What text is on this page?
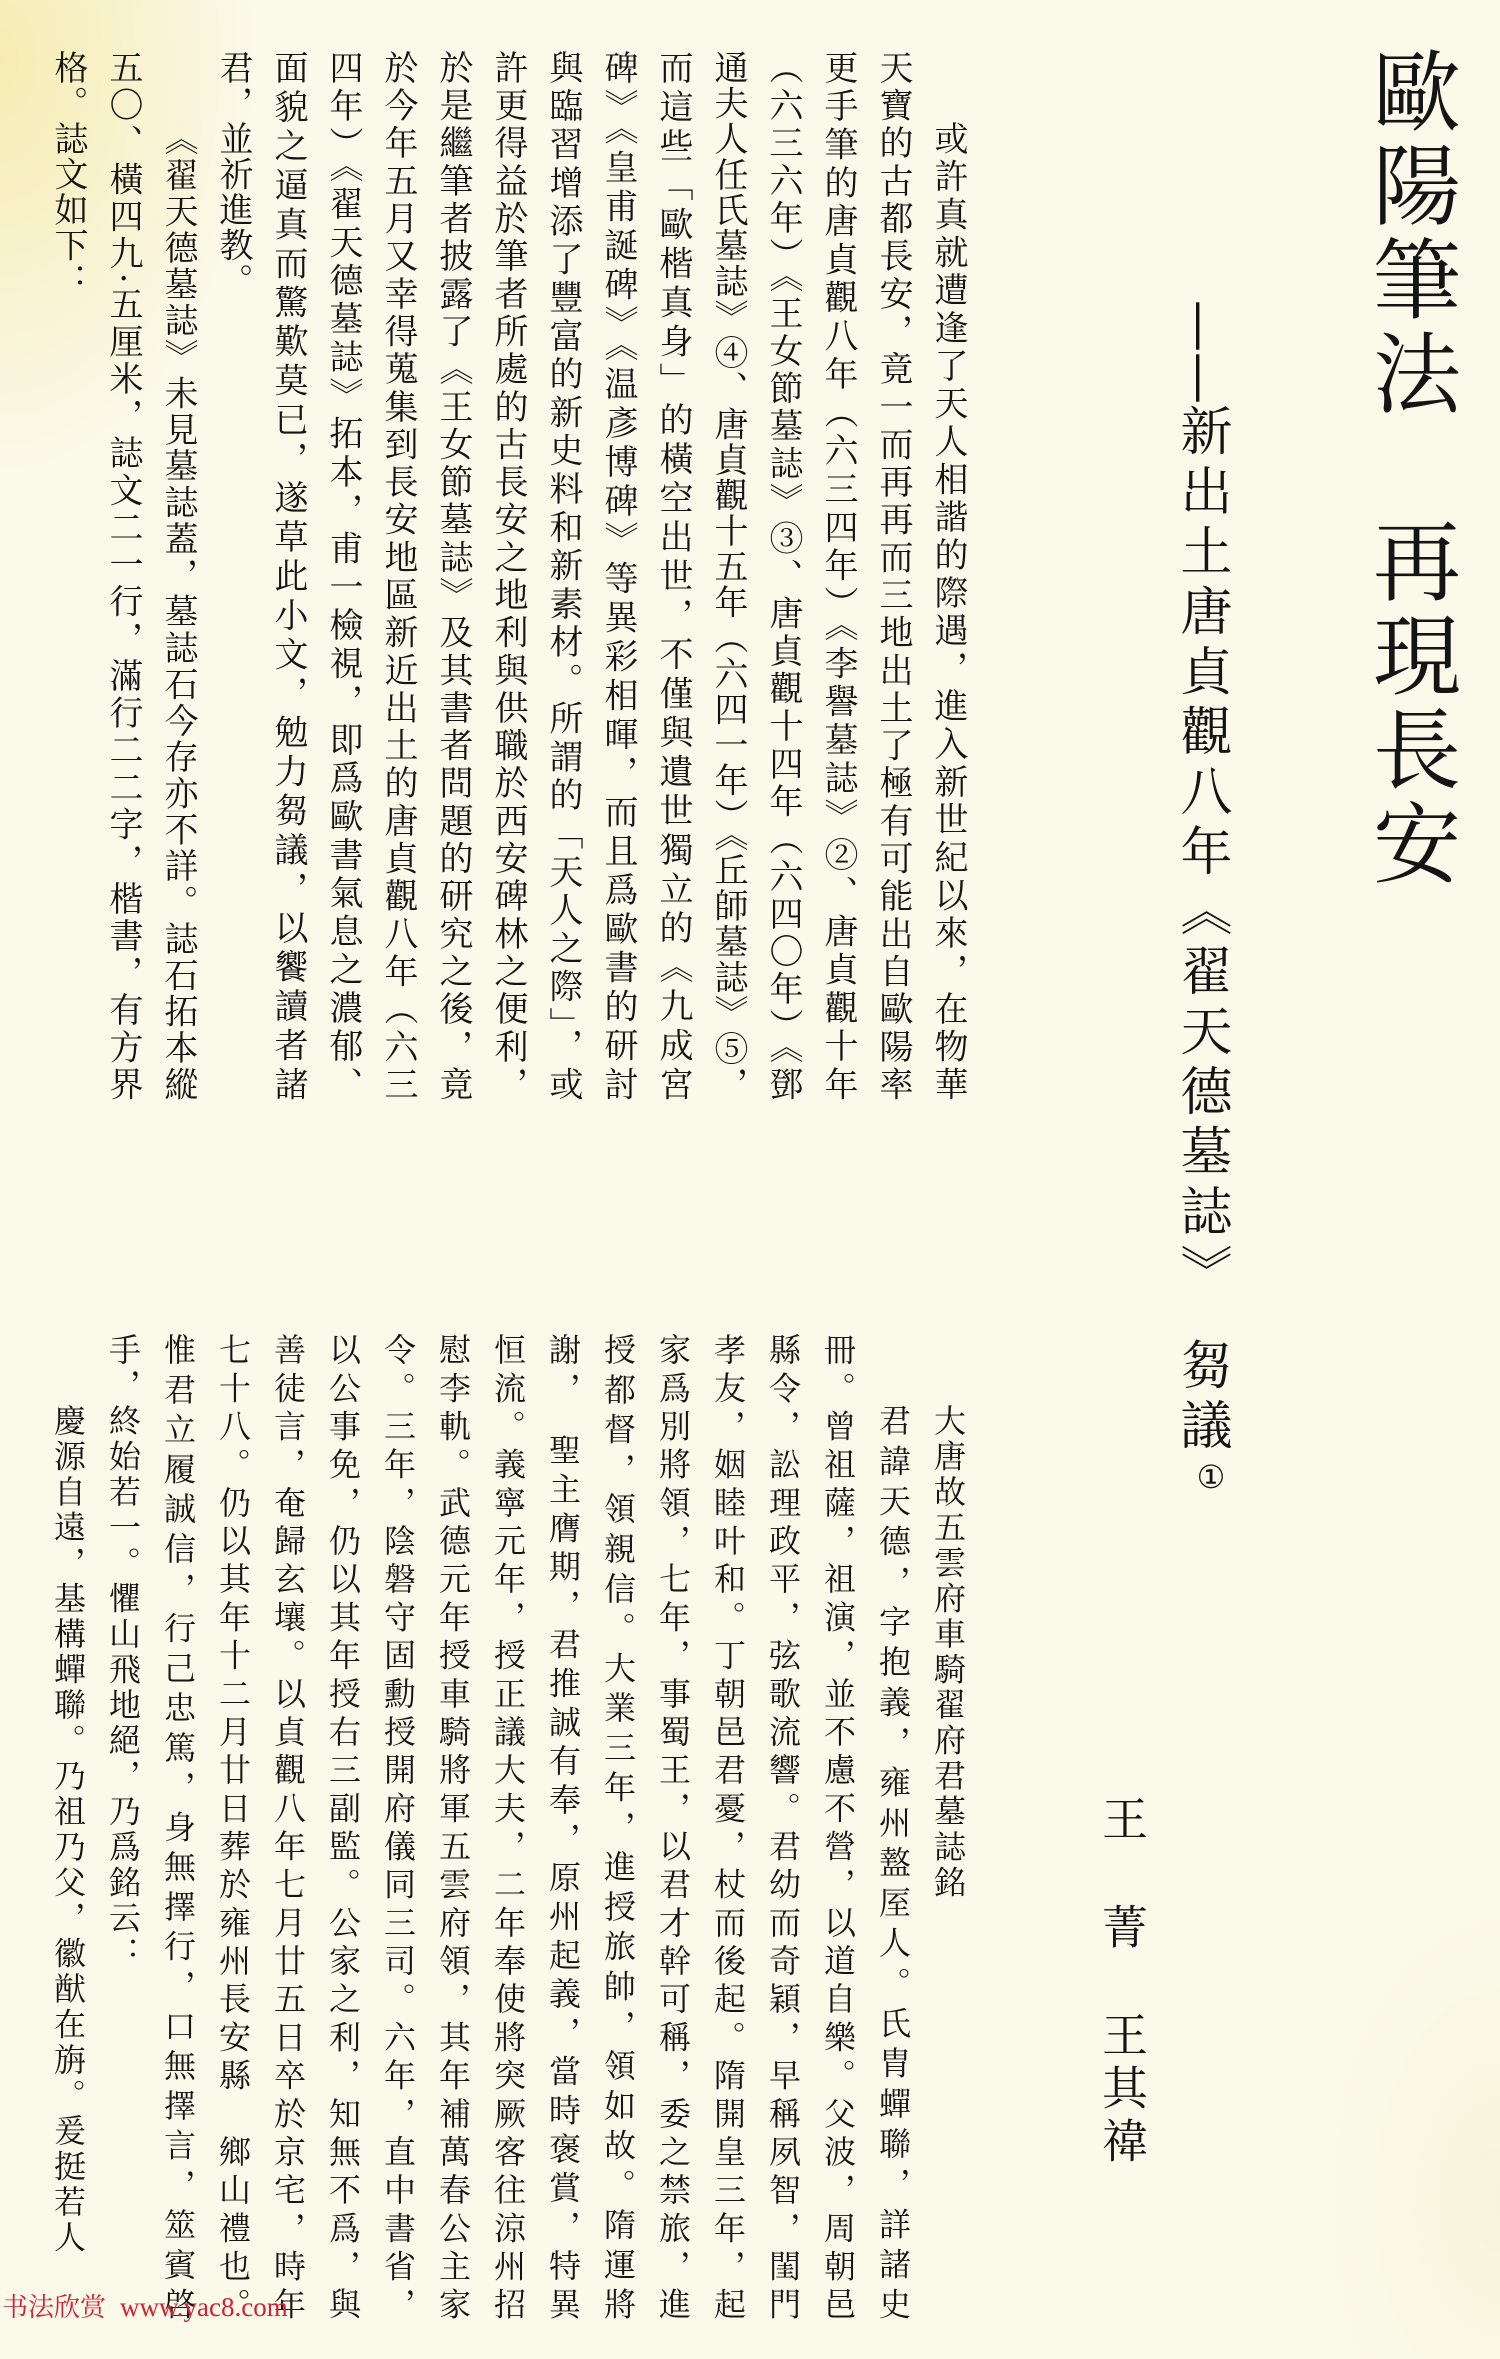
歐陽筆法　再現長安
——新出土唐貞觀八年《翟天德墓誌》　芻議①
王菁王其禕
或許真就遭逢了天人相諧的際遇，進入新世紀以來，在物華
天寶的古都長安，竟一而再再而三地出土了極有可能出自歐陽率
更手筆的唐貞觀八年（六三四年）《李譽墓誌》②、唐貞觀十年
（六三六年）《王女節墓誌》③、唐貞觀十四年（六四〇年）《鄧
通夫人任氏墓誌》④、唐貞觀十五年（六四一年）《丘師墓誌》⑤，
而這些「歐楷真身」的橫空出世，不僅與遺世獨立的《九成宮
碑》《皇甫誕碑》《温彥博碑》等異彩相暉，而且爲歐書的研討
與臨習增添了豐富的新史料和新素材。所謂的「天人之際」，或
許更得益於筆者所處的古長安之地利與供職於西安碑林之便利，
於是繼筆者披露了《王女節墓誌》及其書者問題的研究之後，竟
於今年五月又幸得蒐集到長安地區新近出土的唐貞觀八年（六三
四年）《翟天德墓誌》拓本，甫一檢視，即爲歐書氣息之濃郁、
面貌之逼真而驚歎莫已，遂草此小文，勉力芻議，以饗讀者諸
君，並祈進教。
《翟天德墓誌》未見墓誌蓋，墓誌石今存亦不詳。誌石拓本縱
五〇、橫四九·五厘米，誌文二一行，滿行二二字，楷書，有方界
格。誌文如下：
大唐故五雲府車騎翟府君墓誌銘
君諱天德，字抱義，雍州盩厔人。氏胄蟬聯，詳諸史
冊。曾祖薩，祖演，並不慮不營，以道自樂。父波，周朝邑
縣令，訟理政平，弦歌流響。君幼而奇穎，早稱夙智，閨門
孝友，姻睦叶和。丁朝邑君憂，杖而後起。隋開皇三年，起
家爲別將領，七年，事蜀王，以君才幹可稱，委之禁旅，進
授都督，領親信。大業三年，進授旅帥，領如故。隋運將
謝，　聖主膺期，君推誠有奉，原州起義，當時褒賞，特異
恒流。義寧元年，授正議大夫，二年奉使將突厥客往涼州招
慰李軌。武德元年授車騎將軍五雲府領，其年補萬春公主家
令。三年，陰磐守固勳授開府儀同三司。六年，直中書省，
以公事免，仍以其年授右三副監。公家之利，知無不爲，與
善徒言，奄歸玄壤。以貞觀八年七月廿五日卒於京宅，時年
七十八。仍以其年十二月廿日葬於雍州長安縣　鄉山禮也。
惟君立履誠信，行己忠篤，身無擇行，口無擇言，筮賓啓
手，終始若一。懼山飛地絕，乃爲銘云：
慶源自遠，基構蟬聯。乃祖乃父，徽猷在旃。爰挺若人
书法欣赏 www.yac8.com
